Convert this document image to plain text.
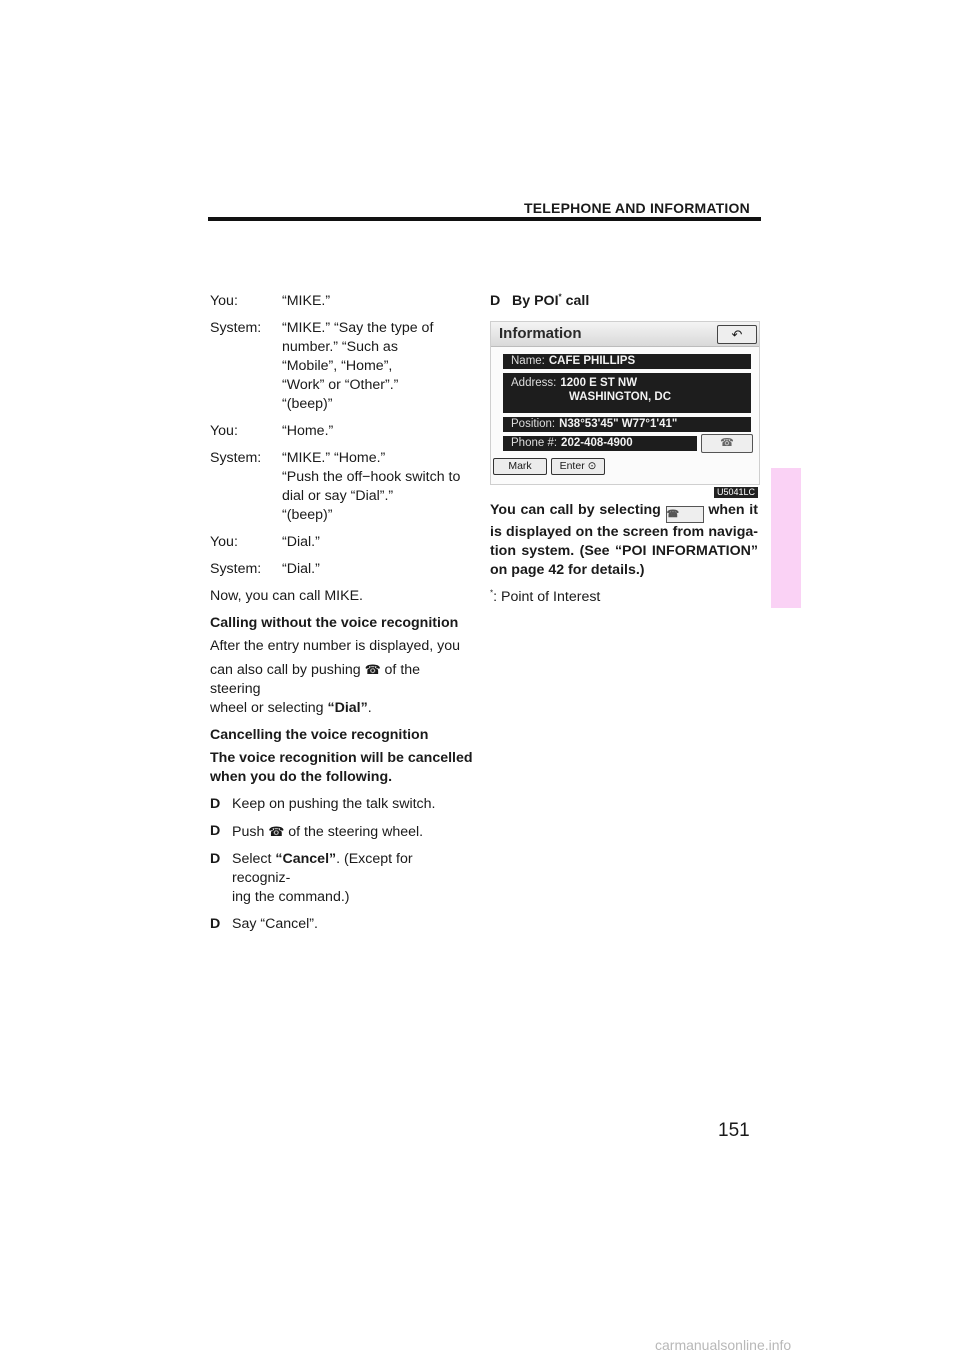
TELEPHONE AND INFORMATION
You:	“MIKE.”
System:	“MIKE.” “Say the type of
number.” “Such as
“Mobile”, “Home”,
“Work” or “Other”.”
“(beep)”
You:	“Home.”
System:	“MIKE.” “Home.”
“Push the off−hook switch to
dial or say “Dial”.”
“(beep)”
You:	“Dial.”
System:	“Dial.”
Now, you can call MIKE.
Calling without the voice recognition
After the entry number is displayed, you
can also call by pushing ☎ of the steering
wheel or selecting “Dial”.
Cancelling the voice recognition
The voice recognition will be cancelled when you do the following.
D Keep on pushing the talk switch.
D Push ☎ of the steering wheel.
D Select “Cancel”. (Except for recogniz-
ing the command.)
D Say “Cancel”.
D By POI* call
Information	↶
Name: CAFE PHILLIPS
Address: 1200 E ST NW
WASHINGTON, DC
Position: N38°53'45" W77°1'41"
Phone #: 202-408-4900	☎
Mark	Enter ⊙
U5041LC
You can call by selecting ☎ when it is displayed on the screen from naviga-tion system. (See “POI INFORMATION” on page 42 for details.)
*: Point of Interest
151
carmanualsonline.info
